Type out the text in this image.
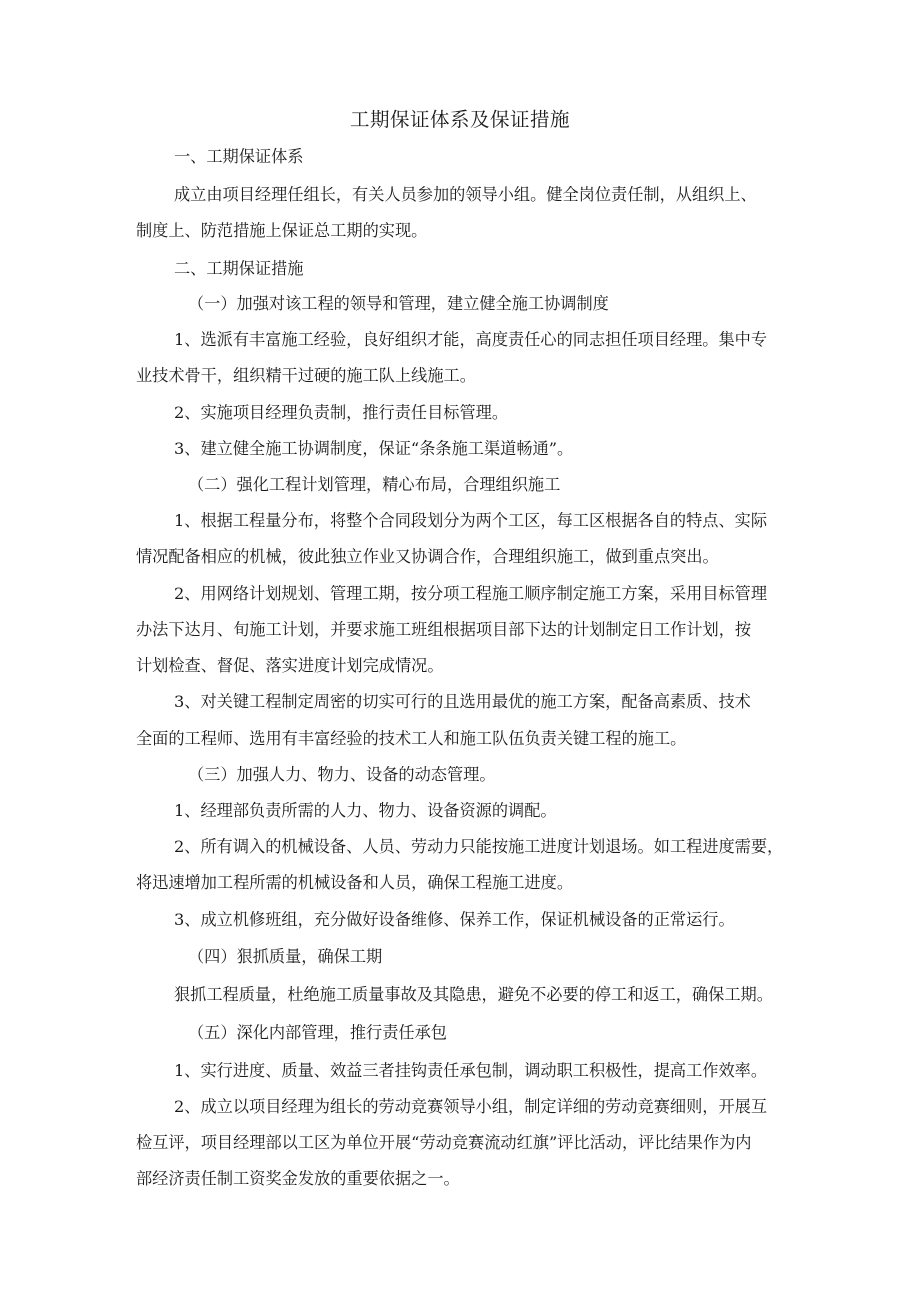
工期保证体系及保证措施
一、工期保证体系
成立由项目经理任组长，有关人员参加的领导小组。健全岗位责任制，从组织上、
制度上、防范措施上保证总工期的实现。
二、工期保证措施
（一）加强对该工程的领导和管理，建立健全施工协调制度
1、选派有丰富施工经验，良好组织才能，高度责任心的同志担任项目经理。集中专
业技术骨干，组织精干过硬的施工队上线施工。
2、实施项目经理负责制，推行责任目标管理。
3、建立健全施工协调制度，保证“条条施工渠道畅通”。
（二）强化工程计划管理，精心布局，合理组织施工
1、根据工程量分布，将整个合同段划分为两个工区，每工区根据各自的特点、实际
情况配备相应的机械，彼此独立作业又协调合作，合理组织施工，做到重点突出。
2、用网络计划规划、管理工期，按分项工程施工顺序制定施工方案，采用目标管理
办法下达月、旬施工计划，并要求施工班组根据项目部下达的计划制定日工作计划，按
计划检查、督促、落实进度计划完成情况。
3、对关键工程制定周密的切实可行的且选用最优的施工方案，配备高素质、技术
全面的工程师、选用有丰富经验的技术工人和施工队伍负责关键工程的施工。
（三）加强人力、物力、设备的动态管理。
1、经理部负责所需的人力、物力、设备资源的调配。
2、所有调入的机械设备、人员、劳动力只能按施工进度计划退场。如工程进度需要，
将迅速增加工程所需的机械设备和人员，确保工程施工进度。
3、成立机修班组，充分做好设备维修、保养工作，保证机械设备的正常运行。
（四）狠抓质量，确保工期
狠抓工程质量，杜绝施工质量事故及其隐患，避免不必要的停工和返工，确保工期。
（五）深化内部管理，推行责任承包
1、实行进度、质量、效益三者挂钩责任承包制，调动职工积极性，提高工作效率。
2、成立以项目经理为组长的劳动竞赛领导小组，制定详细的劳动竞赛细则，开展互
检互评，项目经理部以工区为单位开展“劳动竞赛流动红旗”评比活动，评比结果作为内
部经济责任制工资奖金发放的重要依据之一。
